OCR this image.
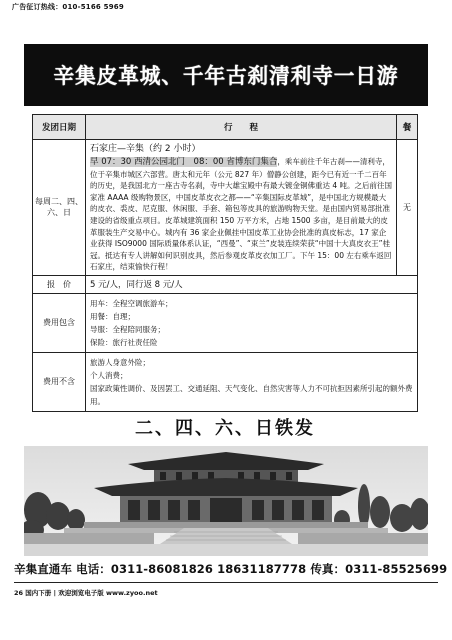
广告征订热线：010-5166 5969
辛集皮革城、千年古刹清利寺一日游
发团日期	行　　程	餐
每周二、四、六、日	石家庄—辛集（约 2 小时）
早 07：30 西清公园北门　08：00 省博东门集合，乘车前往千年古刹——清利寺，位于辛集市城区六部营。唐太和元年（公元 827 年）僧静公创建，距今已有近一千二百年的历史，是我国北方一座古寺名刹，寺中大雄宝殿中有最大镀金铜佛重达 4 吨。之后前往国家准 AAAA 级购物景区，中国皮革皮衣之都——“辛集国际皮革城”，是中国北方规模最大的皮衣、裘皮、尼克服、休闲服、手套、箱包等皮具的旅游购物天堂。是由国内贸易部批准建设的省级重点项目。皮革城建筑面积 150 万平方米，占地 1500 多亩，是目前最大的皮革服装生产交易中心。城内有 36 家企业佩挂中国皮革工业协会批准的真皮标志，17 家企业获得 ISO9000 国际质量体系认证，“西曼”、“束兰”皮装连续荣获“中国十大真皮衣王”桂冠。抵达有专人讲解如何识别皮具，然后参观皮革皮衣加工厂。下午 15：00 左右乘车返回石家庄，结束愉快行程！	无
报　价	5 元/人，同行返 8 元/人	
费用包含	用车：全程空调旅游车；
用餐：自理；
导服：全程陪同服务；
保险：旅行社责任险	

费用不含	旅游人身意外险；
个人消费；
国家政策性调价、及因罢工、交通延阻、天气变化、自然灾害等人力不可抗拒因素所引起的额外费用。	
二、四、六、日铁发
辛集直通车 电话：0311-86081826 18631187778 传真：0311-85525699
26 国内下册 | 欢迎浏览电子版 www.zyoo.net
